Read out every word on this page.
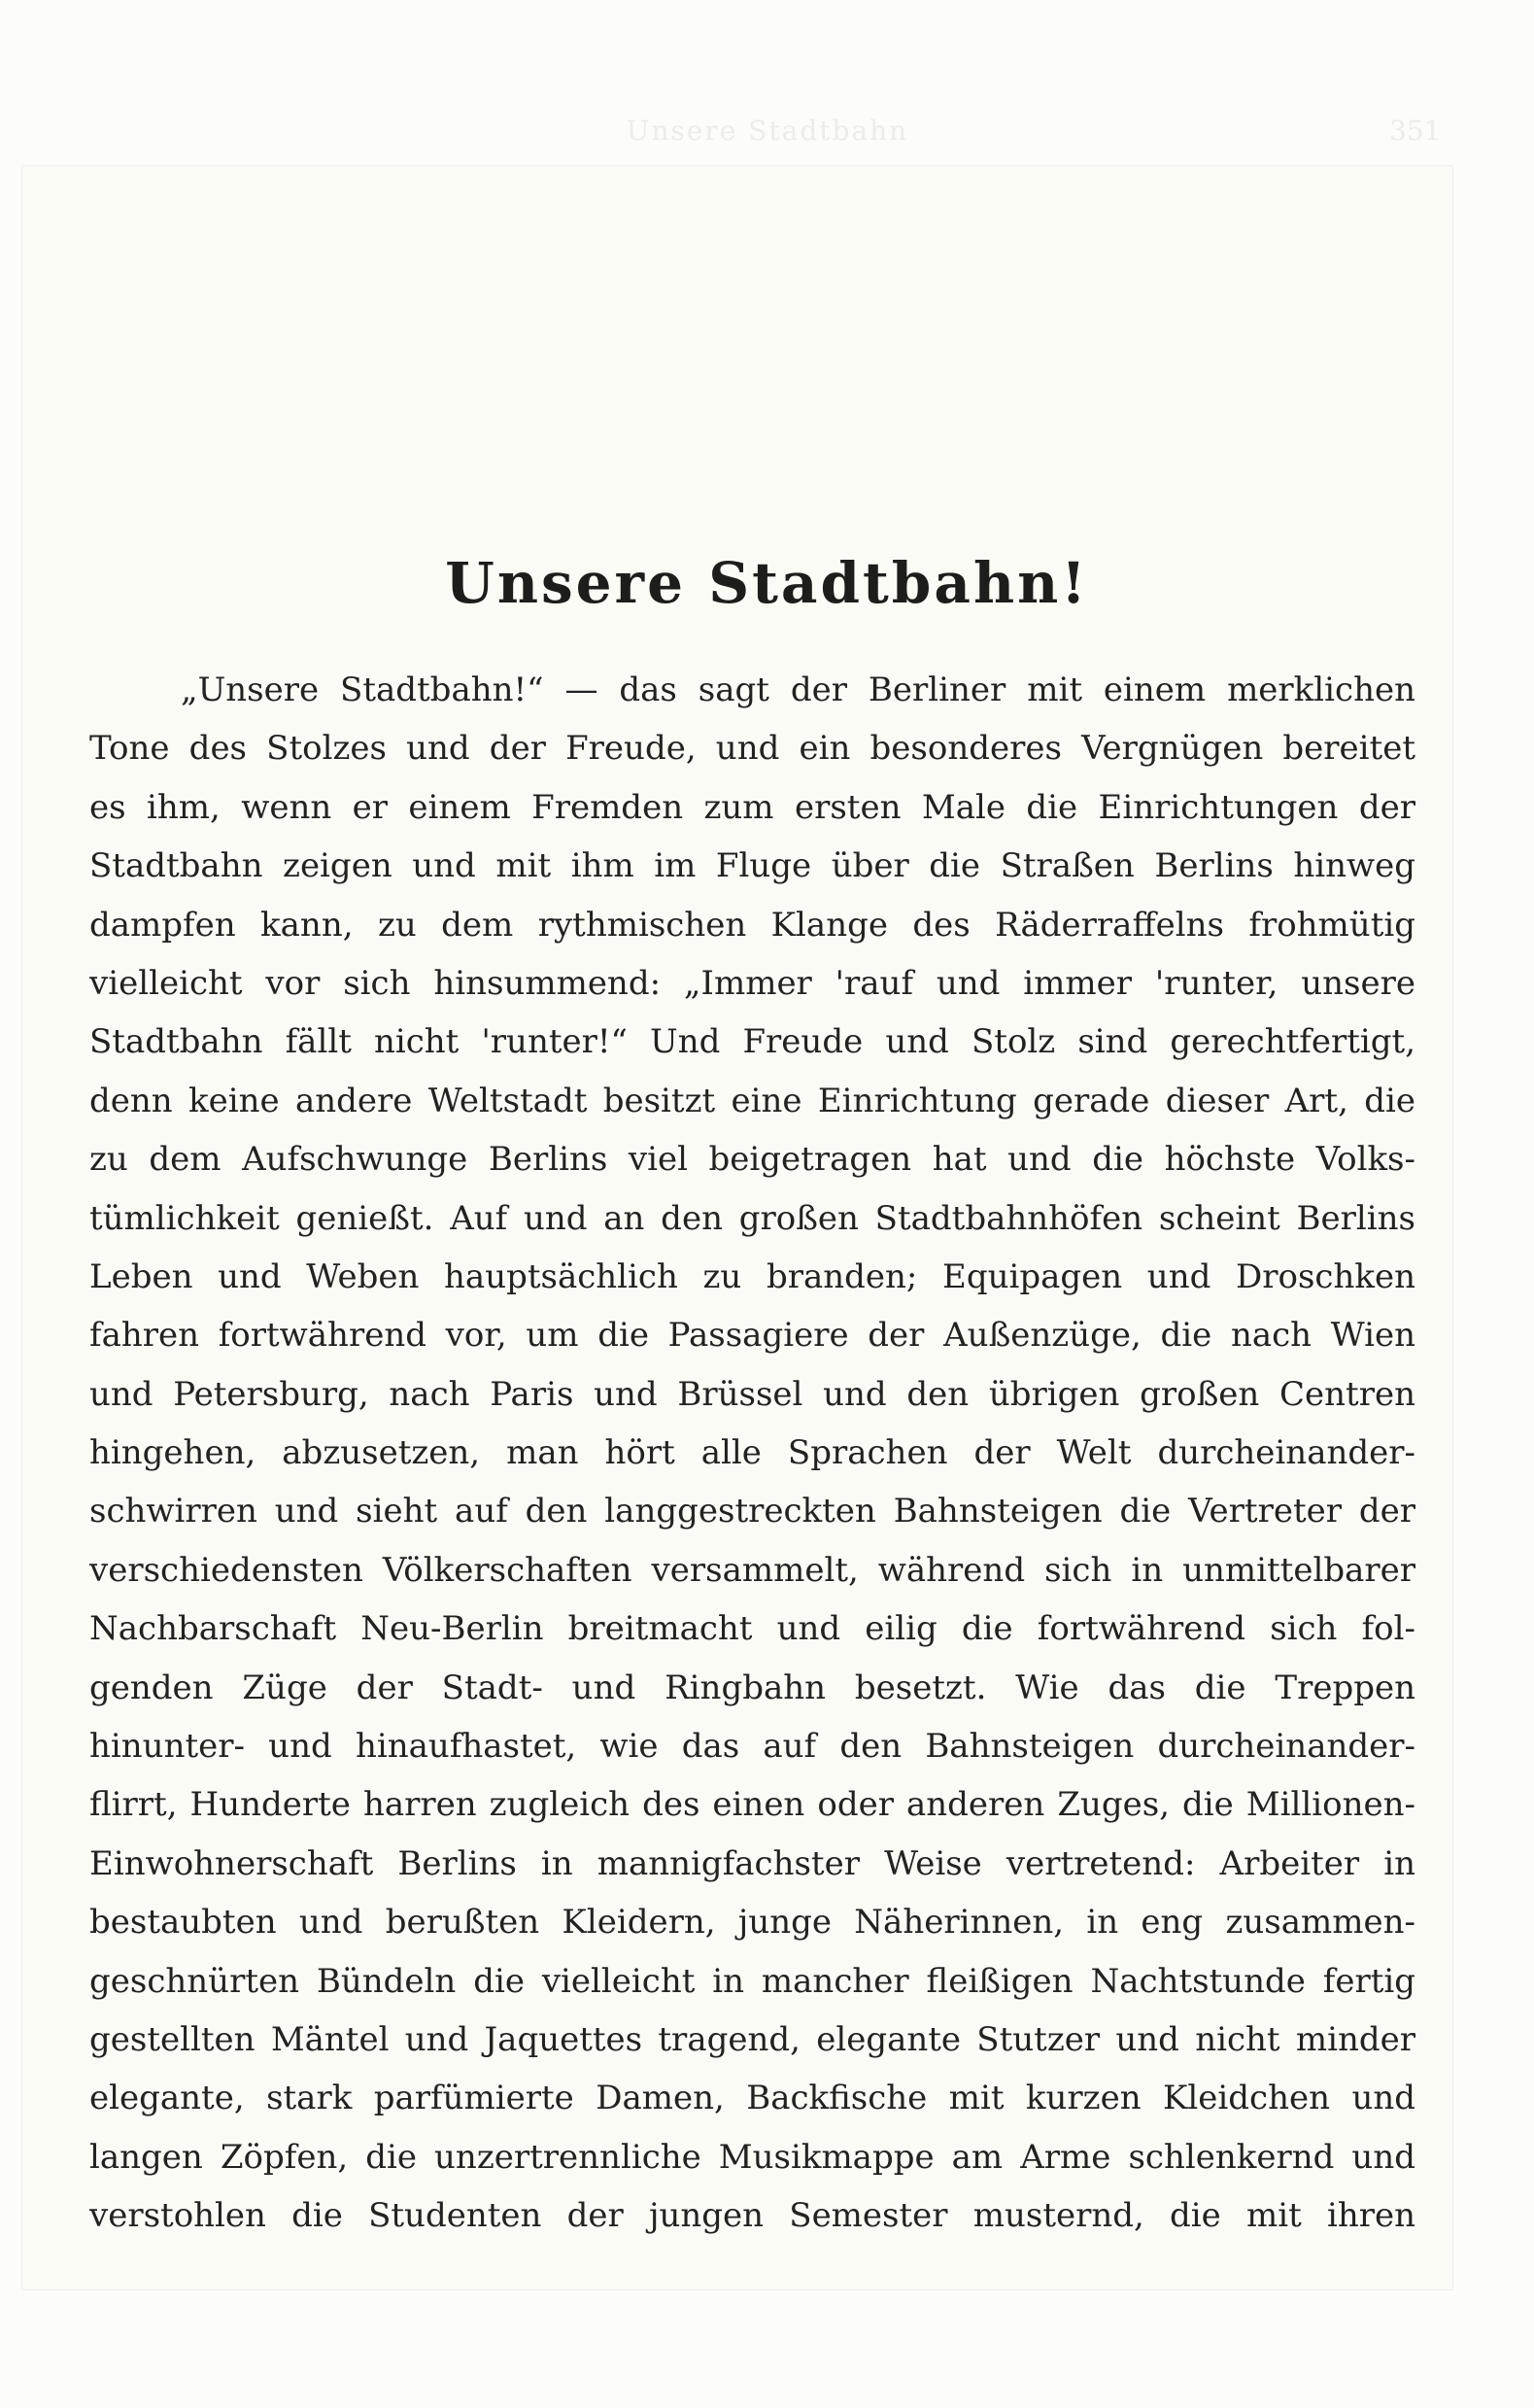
Unsere Stadtbahn!
„Unsere Stadtbahn!“ — das sagt der Berliner mit einem merklichen
Tone des Stolzes und der Freude, und ein besonderes Vergnügen bereitet
es ihm, wenn er einem Fremden zum ersten Male die Einrichtungen der
Stadtbahn zeigen und mit ihm im Fluge über die Straßen Berlins hinweg
dampfen kann, zu dem rythmischen Klange des Räderraffelns frohmütig
vielleicht vor sich hinsummend: „Immer 'rauf und immer 'runter, unsere
Stadtbahn fällt nicht 'runter!“ Und Freude und Stolz sind gerechtfertigt,
denn keine andere Weltstadt besitzt eine Einrichtung gerade dieser Art, die
zu dem Aufschwunge Berlins viel beigetragen hat und die höchste Volks-
tümlichkeit genießt. Auf und an den großen Stadtbahnhöfen scheint Berlins
Leben und Weben hauptsächlich zu branden; Equipagen und Droschken
fahren fortwährend vor, um die Passagiere der Außenzüge, die nach Wien
und Petersburg, nach Paris und Brüssel und den übrigen großen Centren
hingehen, abzusetzen, man hört alle Sprachen der Welt durcheinander-
schwirren und sieht auf den langgestreckten Bahnsteigen die Vertreter der
verschiedensten Völkerschaften versammelt, während sich in unmittelbarer
Nachbarschaft Neu-Berlin breitmacht und eilig die fortwährend sich fol-
genden Züge der Stadt- und Ringbahn besetzt. Wie das die Treppen
hinunter- und hinaufhastet, wie das auf den Bahnsteigen durcheinander-
flirrt, Hunderte harren zugleich des einen oder anderen Zuges, die Millionen-
Einwohnerschaft Berlins in mannigfachster Weise vertretend: Arbeiter in
bestaubten und berußten Kleidern, junge Näherinnen, in eng zusammen-
geschnürten Bündeln die vielleicht in mancher fleißigen Nachtstunde fertig
gestellten Mäntel und Jaquettes tragend, elegante Stutzer und nicht minder
elegante, stark parfümierte Damen, Backfische mit kurzen Kleidchen und
langen Zöpfen, die unzertrennliche Musikmappe am Arme schlenkernd und
verstohlen die Studenten der jungen Semester musternd, die mit ihren
Unsere Stadtbahn	351
